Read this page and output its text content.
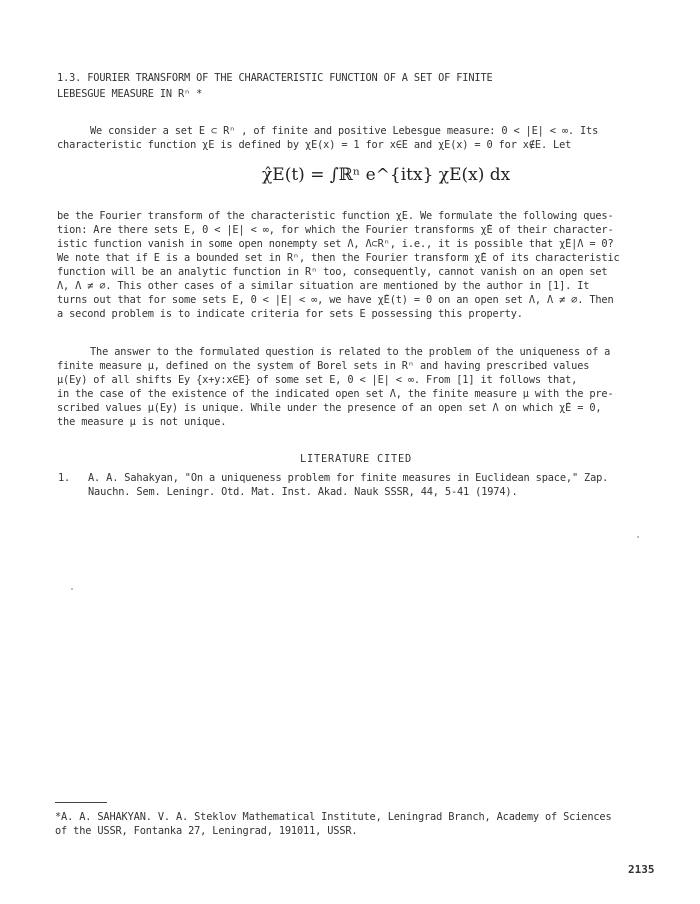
1.3. FOURIER TRANSFORM OF THE CHARACTERISTIC FUNCTION OF A SET OF FINITE
LEBESGUE MEASURE IN Rⁿ *
We consider a set E ⊂ Rⁿ , of finite and positive Lebesgue measure: 0 < |E| < ∞. Its
characteristic function χE is defined by χE(x) = 1 for x∈E and χE(x) = 0 for x∉E. Let
χ̂E(t) = ∫ℝⁿ e^{itx} χE(x) dx
be the Fourier transform of the characteristic function χE. We formulate the following ques-
tion: Are there sets E, 0 < |E| < ∞, for which the Fourier transforms χ̂E of their character-
istic function vanish in some open nonempty set Λ, Λ⊂Rⁿ, i.e., it is possible that χ̂E|Λ = 0?
We note that if E is a bounded set in Rⁿ, then the Fourier transform χ̂E of its characteristic
function will be an analytic function in Rⁿ too, consequently, cannot vanish on an open set
Λ, Λ ≠ ∅. This other cases of a similar situation are mentioned by the author in [1]. It
turns out that for some sets E, 0 < |E| < ∞, we have χ̂E(t) = 0 on an open set Λ, Λ ≠ ∅. Then
a second problem is to indicate criteria for sets E possessing this property.
The answer to the formulated question is related to the problem of the uniqueness of a
finite measure μ, defined on the system of Borel sets in Rⁿ and having prescribed values
μ(Ey) of all shifts Ey {x+y:x∈E} of some set E, 0 < |E| < ∞. From [1] it follows that,
in the case of the existence of the indicated open set Λ, the finite measure μ with the pre-
scribed values μ(Ey) is unique. While under the presence of an open set Λ on which χ̂E = 0,
the measure μ is not unique.
LITERATURE CITED
1. A. A. Sahakyan, "On a uniqueness problem for finite measures in Euclidean space," Zap.
Nauchn. Sem. Leningr. Otd. Mat. Inst. Akad. Nauk SSSR, 44, 5-41 (1974).
*A. A. SAHAKYAN. V. A. Steklov Mathematical Institute, Leningrad Branch, Academy of Sciences
of the USSR, Fontanka 27, Leningrad, 191011, USSR.
2135
